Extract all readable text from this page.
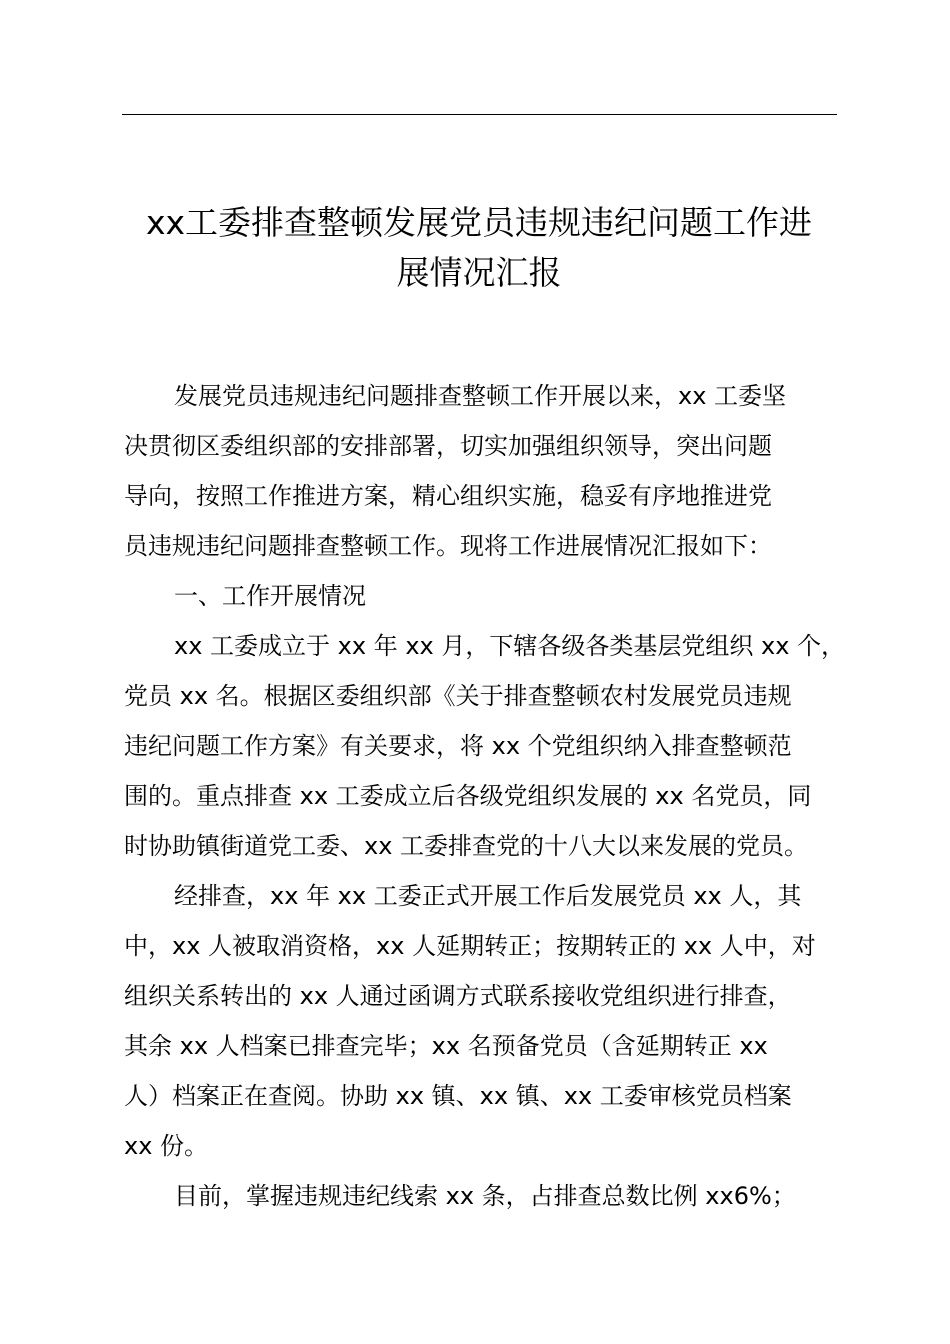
xx工委排查整顿发展党员违规违纪问题工作进
展情况汇报
发展党员违规违纪问题排查整顿工作开展以来，xx 工委坚
决贯彻区委组织部的安排部署，切实加强组织领导，突出问题
导向，按照工作推进方案，精心组织实施，稳妥有序地推进党
员违规违纪问题排查整顿工作。现将工作进展情况汇报如下：
一、工作开展情况
xx 工委成立于 xx 年 xx 月，下辖各级各类基层党组织 xx 个，
党员 xx 名。根据区委组织部《关于排查整顿农村发展党员违规
违纪问题工作方案》有关要求，将 xx 个党组织纳入排查整顿范
围的。重点排查 xx 工委成立后各级党组织发展的 xx 名党员，同
时协助镇街道党工委、xx 工委排查党的十八大以来发展的党员。
经排查，xx 年 xx 工委正式开展工作后发展党员 xx 人，其
中，xx 人被取消资格，xx 人延期转正；按期转正的 xx 人中，对
组织关系转出的 xx 人通过函调方式联系接收党组织进行排查，
其余 xx 人档案已排查完毕；xx 名预备党员（含延期转正 xx
人）档案正在查阅。协助 xx 镇、xx 镇、xx 工委审核党员档案
xx 份。
目前，掌握违规违纪线索 xx 条，占排查总数比例 xx6%；
